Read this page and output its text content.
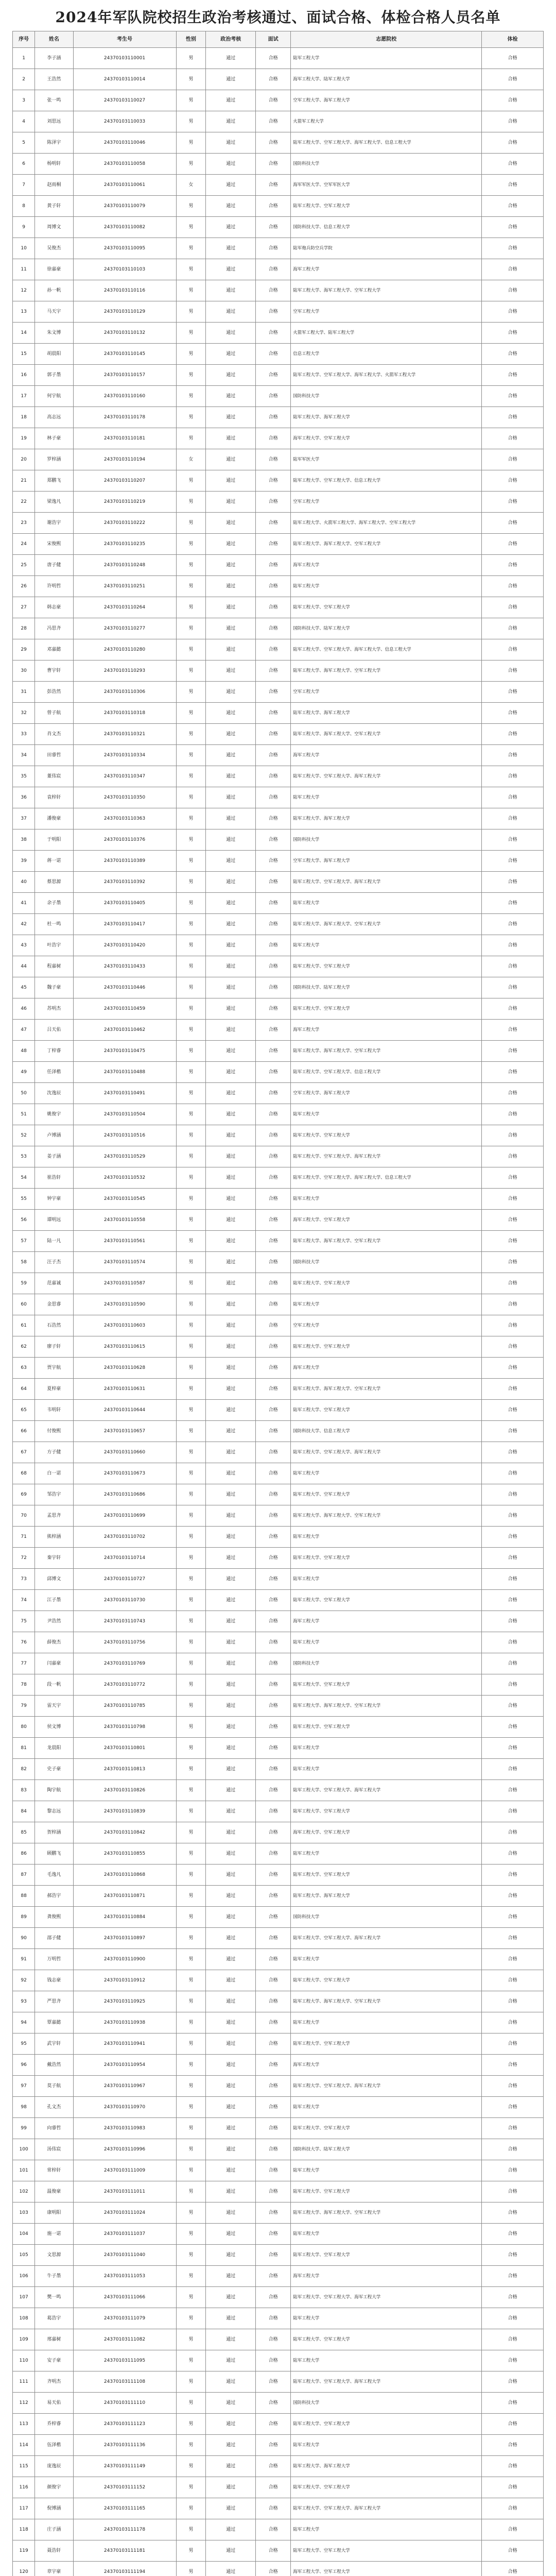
2024年军队院校招生政治考核通过、面试合格、体检合格人员名单
序号	姓名	考生号	性别	政治考核	面试	志愿院校	体检
1	李子涵	24370103110001	男	通过	合格	陆军工程大学	合格
2	王浩然	24370103110014	男	通过	合格	海军工程大学、陆军工程大学	合格
3	张一鸣	24370103110027	男	通过	合格	空军工程大学、海军工程大学	合格
4	刘思远	24370103110033	男	通过	合格	火箭军工程大学	合格
5	陈泽宇	24370103110046	男	通过	合格	陆军工程大学、空军工程大学、海军工程大学、信息工程大学	合格
6	杨明轩	24370103110058	男	通过	合格	国防科技大学	合格
7	赵雨桐	24370103110061	女	通过	合格	海军军医大学、空军军医大学	合格
8	黄子轩	24370103110079	男	通过	合格	陆军工程大学、空军工程大学	合格
9	周博文	24370103110082	男	通过	合格	国防科技大学、信息工程大学	合格
10	吴俊杰	24370103110095	男	通过	合格	陆军炮兵防空兵学院	合格
11	徐嘉豪	24370103110103	男	通过	合格	海军工程大学	合格
12	孙一帆	24370103110116	男	通过	合格	陆军工程大学、海军工程大学、空军工程大学	合格
13	马天宇	24370103110129	男	通过	合格	空军工程大学	合格
14	朱文博	24370103110132	男	通过	合格	火箭军工程大学、陆军工程大学	合格
15	胡晨阳	24370103110145	男	通过	合格	信息工程大学	合格
16	郭子墨	24370103110157	男	通过	合格	陆军工程大学、空军工程大学、海军工程大学、火箭军工程大学	合格
17	何宇航	24370103110160	男	通过	合格	国防科技大学	合格
18	高志远	24370103110178	男	通过	合格	陆军工程大学、海军工程大学	合格
19	林子豪	24370103110181	男	通过	合格	海军工程大学、空军工程大学	合格
20	罗梓涵	24370103110194	女	通过	合格	陆军军医大学	合格
21	郑鹏飞	24370103110207	男	通过	合格	陆军工程大学、空军工程大学、信息工程大学	合格
22	梁逸凡	24370103110219	男	通过	合格	空军工程大学	合格
23	谢浩宇	24370103110222	男	通过	合格	陆军工程大学、火箭军工程大学、海军工程大学、空军工程大学	合格
24	宋俊熙	24370103110235	男	通过	合格	陆军工程大学、海军工程大学、空军工程大学	合格
25	唐子健	24370103110248	男	通过	合格	海军工程大学	合格
26	许明哲	24370103110251	男	通过	合格	陆军工程大学	合格
27	韩志豪	24370103110264	男	通过	合格	陆军工程大学、空军工程大学	合格
28	冯思齐	24370103110277	男	通过	合格	国防科技大学、陆军工程大学	合格
29	邓嘉懿	24370103110280	男	通过	合格	陆军工程大学、空军工程大学、海军工程大学、信息工程大学	合格
30	曹宇轩	24370103110293	男	通过	合格	陆军工程大学、海军工程大学、空军工程大学	合格
31	彭浩然	24370103110306	男	通过	合格	空军工程大学	合格
32	曾子航	24370103110318	男	通过	合格	陆军工程大学、海军工程大学	合格
33	肖文杰	24370103110321	男	通过	合格	陆军工程大学、海军工程大学、空军工程大学	合格
34	田睿哲	24370103110334	男	通过	合格	海军工程大学	合格
35	董伟宸	24370103110347	男	通过	合格	陆军工程大学、空军工程大学、海军工程大学	合格
36	袁梓轩	24370103110350	男	通过	合格	陆军工程大学	合格
37	潘俊豪	24370103110363	男	通过	合格	陆军工程大学、海军工程大学	合格
38	于明阳	24370103110376	男	通过	合格	国防科技大学	合格
39	蒋一诺	24370103110389	男	通过	合格	空军工程大学、海军工程大学	合格
40	蔡思源	24370103110392	男	通过	合格	陆军工程大学、空军工程大学、海军工程大学	合格
41	余子墨	24370103110405	男	通过	合格	陆军工程大学	合格
42	杜一鸣	24370103110417	男	通过	合格	陆军工程大学、海军工程大学、空军工程大学	合格
43	叶浩宇	24370103110420	男	通过	合格	陆军工程大学	合格
44	程嘉树	24370103110433	男	通过	合格	陆军工程大学、空军工程大学	合格
45	魏子豪	24370103110446	男	通过	合格	国防科技大学、陆军工程大学	合格
46	苏明杰	24370103110459	男	通过	合格	陆军工程大学、空军工程大学	合格
47	吕天佑	24370103110462	男	通过	合格	海军工程大学	合格
48	丁梓睿	24370103110475	男	通过	合格	陆军工程大学、海军工程大学、空军工程大学	合格
49	任泽楷	24370103110488	男	通过	合格	陆军工程大学、空军工程大学、信息工程大学	合格
50	沈逸辰	24370103110491	男	通过	合格	空军工程大学、海军工程大学	合格
51	姚俊宇	24370103110504	男	通过	合格	陆军工程大学	合格
52	卢博涵	24370103110516	男	通过	合格	陆军工程大学、空军工程大学	合格
53	姜子涵	24370103110529	男	通过	合格	陆军工程大学、空军工程大学、海军工程大学	合格
54	崔浩轩	24370103110532	男	通过	合格	陆军工程大学、空军工程大学、海军工程大学、信息工程大学	合格
55	钟宇豪	24370103110545	男	通过	合格	陆军工程大学	合格
56	谭明远	24370103110558	男	通过	合格	海军工程大学、空军工程大学	合格
57	陆一凡	24370103110561	男	通过	合格	陆军工程大学、海军工程大学、空军工程大学	合格
58	汪子杰	24370103110574	男	通过	合格	国防科技大学	合格
59	范嘉诚	24370103110587	男	通过	合格	陆军工程大学、空军工程大学	合格
60	金思睿	24370103110590	男	通过	合格	陆军工程大学	合格
61	石浩然	24370103110603	男	通过	合格	空军工程大学	合格
62	廖子轩	24370103110615	男	通过	合格	陆军工程大学、空军工程大学	合格
63	贾宇航	24370103110628	男	通过	合格	海军工程大学	合格
64	夏梓豪	24370103110631	男	通过	合格	陆军工程大学、海军工程大学、空军工程大学	合格
65	韦明轩	24370103110644	男	通过	合格	陆军工程大学、空军工程大学	合格
66	付俊熙	24370103110657	男	通过	合格	国防科技大学、信息工程大学	合格
67	方子健	24370103110660	男	通过	合格	陆军工程大学、空军工程大学、海军工程大学	合格
68	白一诺	24370103110673	男	通过	合格	陆军工程大学	合格
69	邹浩宇	24370103110686	男	通过	合格	陆军工程大学、空军工程大学	合格
70	孟思齐	24370103110699	男	通过	合格	陆军工程大学、海军工程大学、空军工程大学	合格
71	熊梓涵	24370103110702	男	通过	合格	陆军工程大学	合格
72	秦宇轩	24370103110714	男	通过	合格	陆军工程大学、空军工程大学	合格
73	邱博文	24370103110727	男	通过	合格	陆军工程大学	合格
74	江子墨	24370103110730	男	通过	合格	陆军工程大学、空军工程大学	合格
75	尹浩然	24370103110743	男	通过	合格	海军工程大学	合格
76	薛俊杰	24370103110756	男	通过	合格	陆军工程大学	合格
77	闫嘉豪	24370103110769	男	通过	合格	国防科技大学	合格
78	段一帆	24370103110772	男	通过	合格	陆军工程大学、空军工程大学	合格
79	雷天宇	24370103110785	男	通过	合格	陆军工程大学、海军工程大学、空军工程大学	合格
80	侯文博	24370103110798	男	通过	合格	陆军工程大学、空军工程大学	合格
81	龙晨阳	24370103110801	男	通过	合格	陆军工程大学	合格
82	史子豪	24370103110813	男	通过	合格	陆军工程大学	合格
83	陶宇航	24370103110826	男	通过	合格	陆军工程大学、空军工程大学、海军工程大学	合格
84	黎志远	24370103110839	男	通过	合格	陆军工程大学、空军工程大学	合格
85	贺梓涵	24370103110842	男	通过	合格	海军工程大学、空军工程大学	合格
86	顾鹏飞	24370103110855	男	通过	合格	陆军工程大学	合格
87	毛逸凡	24370103110868	男	通过	合格	陆军工程大学、空军工程大学	合格
88	郝浩宇	24370103110871	男	通过	合格	陆军工程大学、海军工程大学	合格
89	龚俊熙	24370103110884	男	通过	合格	国防科技大学	合格
90	邵子健	24370103110897	男	通过	合格	陆军工程大学、空军工程大学、海军工程大学	合格
91	万明哲	24370103110900	男	通过	合格	陆军工程大学	合格
92	钱志豪	24370103110912	男	通过	合格	陆军工程大学、空军工程大学	合格
93	严思齐	24370103110925	男	通过	合格	陆军工程大学、海军工程大学、空军工程大学	合格
94	覃嘉懿	24370103110938	男	通过	合格	陆军工程大学	合格
95	武宇轩	24370103110941	男	通过	合格	陆军工程大学、空军工程大学	合格
96	戴浩然	24370103110954	男	通过	合格	海军工程大学	合格
97	莫子航	24370103110967	男	通过	合格	陆军工程大学、空军工程大学、海军工程大学	合格
98	孔文杰	24370103110970	男	通过	合格	陆军工程大学	合格
99	向睿哲	24370103110983	男	通过	合格	陆军工程大学、空军工程大学	合格
100	汤伟宸	24370103110996	男	通过	合格	国防科技大学、陆军工程大学	合格
101	常梓轩	24370103111009	男	通过	合格	陆军工程大学	合格
102	温俊豪	24370103111011	男	通过	合格	陆军工程大学、空军工程大学	合格
103	康明阳	24370103111024	男	通过	合格	陆军工程大学、海军工程大学、空军工程大学	合格
104	施一诺	24370103111037	男	通过	合格	陆军工程大学	合格
105	文思源	24370103111040	男	通过	合格	陆军工程大学、空军工程大学	合格
106	牛子墨	24370103111053	男	通过	合格	海军工程大学	合格
107	樊一鸣	24370103111066	男	通过	合格	陆军工程大学、空军工程大学、海军工程大学	合格
108	葛浩宇	24370103111079	男	通过	合格	陆军工程大学	合格
109	邢嘉树	24370103111082	男	通过	合格	陆军工程大学、空军工程大学	合格
110	安子豪	24370103111095	男	通过	合格	陆军工程大学	合格
111	齐明杰	24370103111108	男	通过	合格	陆军工程大学、空军工程大学、海军工程大学	合格
112	易天佑	24370103111110	男	通过	合格	国防科技大学	合格
113	乔梓睿	24370103111123	男	通过	合格	陆军工程大学、空军工程大学	合格
114	伍泽楷	24370103111136	男	通过	合格	陆军工程大学	合格
115	庞逸辰	24370103111149	男	通过	合格	陆军工程大学、海军工程大学	合格
116	颜俊宇	24370103111152	男	通过	合格	陆军工程大学、空军工程大学	合格
117	倪博涵	24370103111165	男	通过	合格	陆军工程大学、空军工程大学、海军工程大学	合格
118	庄子涵	24370103111178	男	通过	合格	陆军工程大学	合格
119	聂浩轩	24370103111181	男	通过	合格	陆军工程大学、空军工程大学	合格
120	章宇豪	24370103111194	男	通过	合格	海军工程大学、空军工程大学	合格
